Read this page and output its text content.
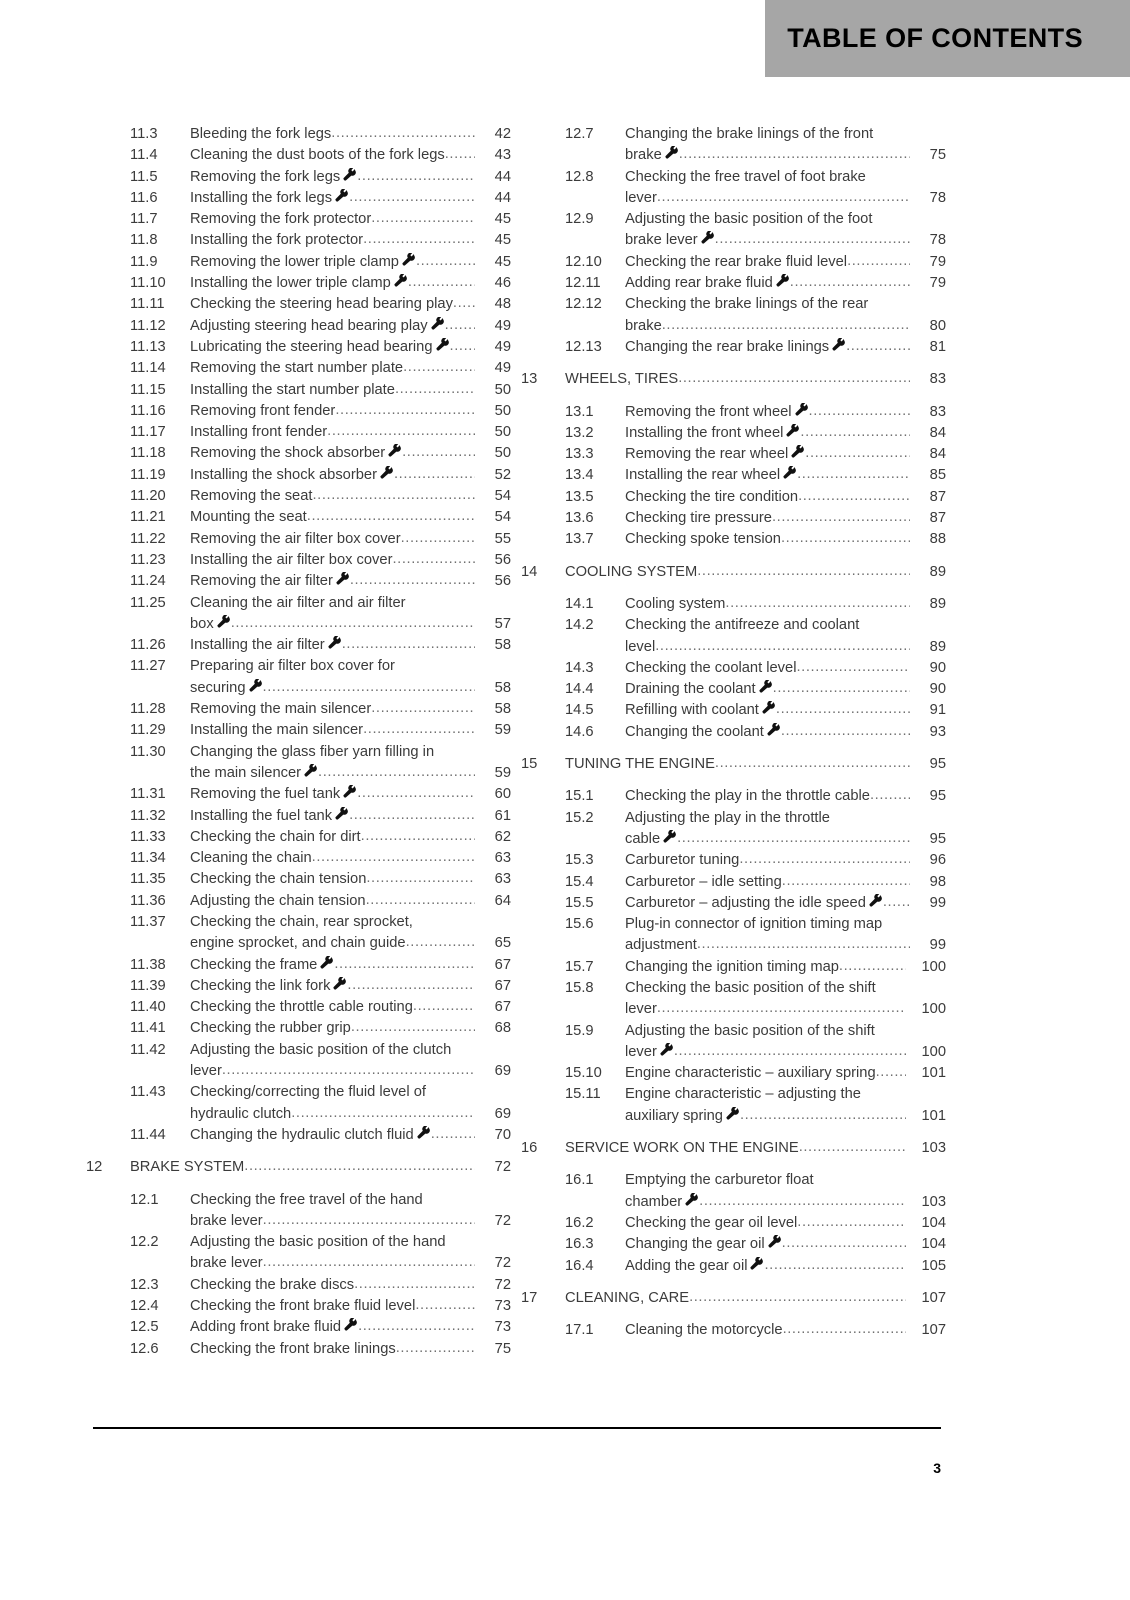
TABLE OF CONTENTS
11.3	Bleeding the fork legs .....	42
11.4	Cleaning the dust boots of the fork legs .....	43
11.5	Removing the fork legs .....	44
11.6	Installing the fork legs .....	44
11.7	Removing the fork protector .....	45
11.8	Installing the fork protector .....	45
11.9	Removing the lower triple clamp .....	45
11.10	Installing the lower triple clamp .....	46
11.11	Checking the steering head bearing play .....	48
11.12	Adjusting steering head bearing play .....	49
11.13	Lubricating the steering head bearing .....	49
11.14	Removing the start number plate .....	49
11.15	Installing the start number plate .....	50
11.16	Removing front fender .....	50
11.17	Installing front fender .....	50
11.18	Removing the shock absorber .....	50
11.19	Installing the shock absorber .....	52
11.20	Removing the seat .....	54
11.21	Mounting the seat .....	54
11.22	Removing the air filter box cover .....	55
11.23	Installing the air filter box cover .....	56
11.24	Removing the air filter .....	56
11.25	Cleaning the air filter and air filter
box .....	57
11.26	Installing the air filter .....	58
11.27	Preparing air filter box cover for
securing .....	58
11.28	Removing the main silencer .....	58
11.29	Installing the main silencer .....	59
11.30	Changing the glass fiber yarn filling in
the main silencer .....	59
11.31	Removing the fuel tank .....	60
11.32	Installing the fuel tank .....	61
11.33	Checking the chain for dirt .....	62
11.34	Cleaning the chain .....	63
11.35	Checking the chain tension .....	63
11.36	Adjusting the chain tension .....	64
11.37	Checking the chain, rear sprocket,
engine sprocket, and chain guide .....	65
11.38	Checking the frame .....	67
11.39	Checking the link fork .....	67
11.40	Checking the throttle cable routing .....	67
11.41	Checking the rubber grip .....	68
11.42	Adjusting the basic position of the clutch
lever .....	69
11.43	Checking/correcting the fluid level of
hydraulic clutch .....	69
11.44	Changing the hydraulic clutch fluid .....	70
12	BRAKE SYSTEM .....	72
12.1	Checking the free travel of the hand
brake lever .....	72
12.2	Adjusting the basic position of the hand
brake lever .....	72
12.3	Checking the brake discs .....	72
12.4	Checking the front brake fluid level .....	73
12.5	Adding front brake fluid .....	73
12.6	Checking the front brake linings .....	75
12.7	Changing the brake linings of the front
brake .....	75
12.8	Checking the free travel of foot brake
lever .....	78
12.9	Adjusting the basic position of the foot
brake lever .....	78
12.10	Checking the rear brake fluid level .....	79
12.11	Adding rear brake fluid .....	79
12.12	Checking the brake linings of the rear
brake .....	80
12.13	Changing the rear brake linings .....	81
13	WHEELS, TIRES .....	83
13.1	Removing the front wheel .....	83
13.2	Installing the front wheel .....	84
13.3	Removing the rear wheel .....	84
13.4	Installing the rear wheel .....	85
13.5	Checking the tire condition .....	87
13.6	Checking tire pressure .....	87
13.7	Checking spoke tension .....	88
14	COOLING SYSTEM .....	89
14.1	Cooling system .....	89
14.2	Checking the antifreeze and coolant
level .....	89
14.3	Checking the coolant level .....	90
14.4	Draining the coolant .....	90
14.5	Refilling with coolant .....	91
14.6	Changing the coolant .....	93
15	TUNING THE ENGINE .....	95
15.1	Checking the play in the throttle cable .....	95
15.2	Adjusting the play in the throttle
cable .....	95
15.3	Carburetor tuning .....	96
15.4	Carburetor – idle setting .....	98
15.5	Carburetor – adjusting the idle speed .....	99
15.6	Plug-in connector of ignition timing map
adjustment .....	99
15.7	Changing the ignition timing map .....	100
15.8	Checking the basic position of the shift
lever .....	100
15.9	Adjusting the basic position of the shift
lever .....	100
15.10	Engine characteristic – auxiliary spring .....	101
15.11	Engine characteristic – adjusting the
auxiliary spring .....	101
16	SERVICE WORK ON THE ENGINE .....	103
16.1	Emptying the carburetor float
chamber .....	103
16.2	Checking the gear oil level .....	104
16.3	Changing the gear oil .....	104
16.4	Adding the gear oil .....	105
17	CLEANING, CARE .....	107
17.1	Cleaning the motorcycle .....	107
3
